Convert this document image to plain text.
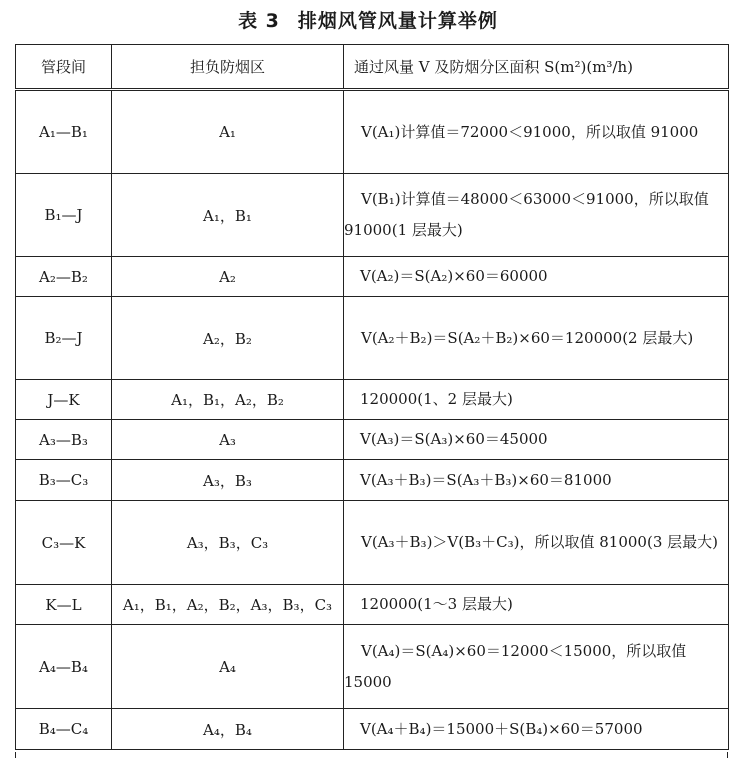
表 3 排烟风管风量计算举例
管段间	担负防烟区	通过风量 V 及防烟分区面积 S(m²)(m³/h)
A₁—B₁	A₁	V(A₁)计算值＝72000＜91000，所以取值 91000
B₁—J	A₁，B₁	V(B₁)计算值＝48000＜63000＜91000，所以取值 91000(1 层最大)
A₂—B₂	A₂	V(A₂)＝S(A₂)×60＝60000
B₂—J	A₂，B₂	V(A₂＋B₂)＝S(A₂＋B₂)×60＝120000(2 层最大)
J—K	A₁，B₁，A₂，B₂	120000(1、2 层最大)
A₃—B₃	A₃	V(A₃)＝S(A₃)×60＝45000
B₃—C₃	A₃，B₃	V(A₃＋B₃)＝S(A₃＋B₃)×60＝81000
C₃—K	A₃，B₃，C₃	V(A₃＋B₃)＞V(B₃＋C₃)，所以取值 81000(3 层最大)
K—L	A₁，B₁，A₂，B₂，A₃，B₃，C₃	120000(1～3 层最大)
A₄—B₄	A₄	V(A₄)＝S(A₄)×60＝12000＜15000，所以取值 15000
B₄—C₄	A₄，B₄	V(A₄＋B₄)＝15000＋S(B₄)×60＝57000
